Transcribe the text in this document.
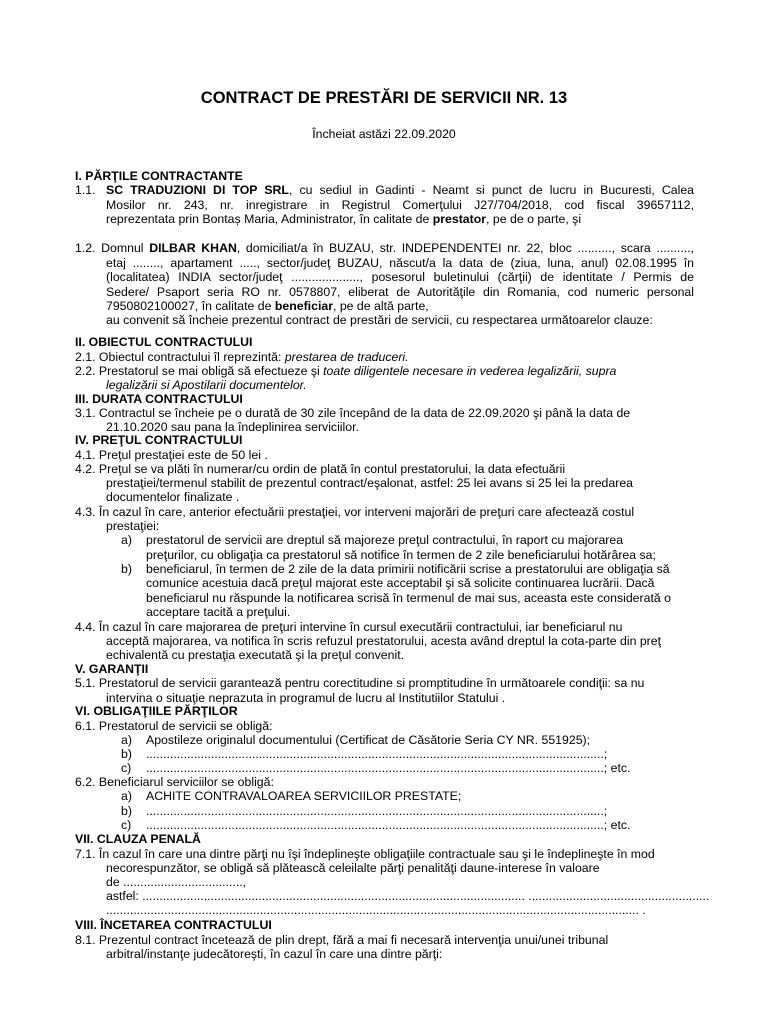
CONTRACT DE PRESTĂRI DE SERVICII NR. 13
Încheiat astăzi 22.09.2020
I. PĂRŢILE CONTRACTANTE
1.1. SC TRADUZIONI DI TOP SRL, cu sediul in Gadinti - Neamt si punct de lucru in Bucuresti, Calea
Mosilor nr. 243, nr. inregistrare in Registrul Comerţului J27/704/2018, cod fiscal 39657112,
reprezentata prin Bontaș Maria, Administrator, în calitate de prestator, pe de o parte, şi
1.2. Domnul DILBAR KHAN, domiciliat/a în BUZAU, str. INDEPENDENTEI nr. 22, bloc .........., scara ..........,
etaj ........, apartament ....., sector/judeţ BUZAU, născut/a la data de (ziua, luna, anul) 02.08.1995 în
(localitatea) INDIA sector/judeţ ...................., posesorul buletinului (cărţii) de identitate / Permis de
Sedere/ Psaport seria RO nr. 0578807, eliberat de Autorităţile din Romania, cod numeric personal
7950802100027, în calitate de beneficiar, pe de altă parte,
au convenit să încheie prezentul contract de prestări de servicii, cu respectarea următoarelor clauze:
II. OBIECTUL CONTRACTULUI
2.1. Obiectul contractului îl reprezintă: prestarea de traduceri.
2.2. Prestatorul se mai obligă să efectueze şi toate diligentele necesare in vederea legalizării, supra
legalizării si Apostilarii documentelor.
III. DURATA CONTRACTULUI
3.1. Contractul se încheie pe o durată de 30 zile începând de la data de 22.09.2020 şi până la data de
21.10.2020 sau pana la îndeplinirea serviciilor.
IV. PREŢUL CONTRACTULUI
4.1. Preţul prestaţiei este de 50 lei .
4.2. Preţul se va plăti în numerar/cu ordin de plată în contul prestatorului, la data efectuării
prestaţiei/termenul stabilit de prezentul contract/eşalonat, astfel: 25 lei avans si 25 lei la predarea
documentelor finalizate .
4.3. În cazul în care, anterior efectuării prestaţiei, vor interveni majorări de preţuri care afectează costul
prestaţiei:
a) prestatorul de servicii are dreptul să majoreze preţul contractului, în raport cu majorarea
preţurilor, cu obligaţia ca prestatorul să notifice în termen de 2 zile beneficiarului hotărârea sa;
b) beneficiarul, în termen de 2 zile de la data primirii notificării scrise a prestatorului are obligaţia să
comunice acestuia dacă preţul majorat este acceptabil şi să solicite continuarea lucrării. Dacă
beneficiarul nu răspunde la notificarea scrisă în termenul de mai sus, aceasta este considerată o
acceptare tacită a preţului.
4.4. În cazul în care majorarea de preţuri intervine în cursul executării contractului, iar beneficiarul nu
acceptă majorarea, va notifica în scris refuzul prestatorului, acesta având dreptul la cota-parte din preţ
echivalentă cu prestaţia executată şi la preţul convenit.
V. GARANŢII
5.1. Prestatorul de servicii garantează pentru corectitudine si promptitudine în următoarele condiţii: sa nu
intervina o situaţie neprazuta in programul de lucru al Institutiilor Statului .
VI. OBLIGAŢIILE PĂRŢILOR
6.1. Prestatorul de servicii se obligă:
a) Apostileze originalul documentului (Certificat de Căsătorie Seria CY NR. 551925);
b) ......................................................................................................................................;
c) ......................................................................................................................................; etc.
6.2. Beneficiarul serviciilor se obligă:
a) ACHITE CONTRAVALOAREA SERVICIILOR PRESTATE;
b) ......................................................................................................................................;
c) ......................................................................................................................................; etc.
VII. CLAUZA PENALĂ
7.1. În cazul în care una dintre părţi nu îşi îndeplineşte obligaţiile contractuale sau şi le îndeplineşte în mod
necorespunzător, se obligă să plătească celeilalte părţi penalităţi daune-interese în valoare
de ...................................,
astfel: ................................................................................................................ .....................................................
............................................................................................................................................................ .
VIII. ÎNCETAREA CONTRACTULUI
8.1. Prezentul contract încetează de plin drept, fără a mai fi necesară intervenţia unui/unei tribunal
arbitral/instanţe judecătoreşti, în cazul în care una dintre părţi:
